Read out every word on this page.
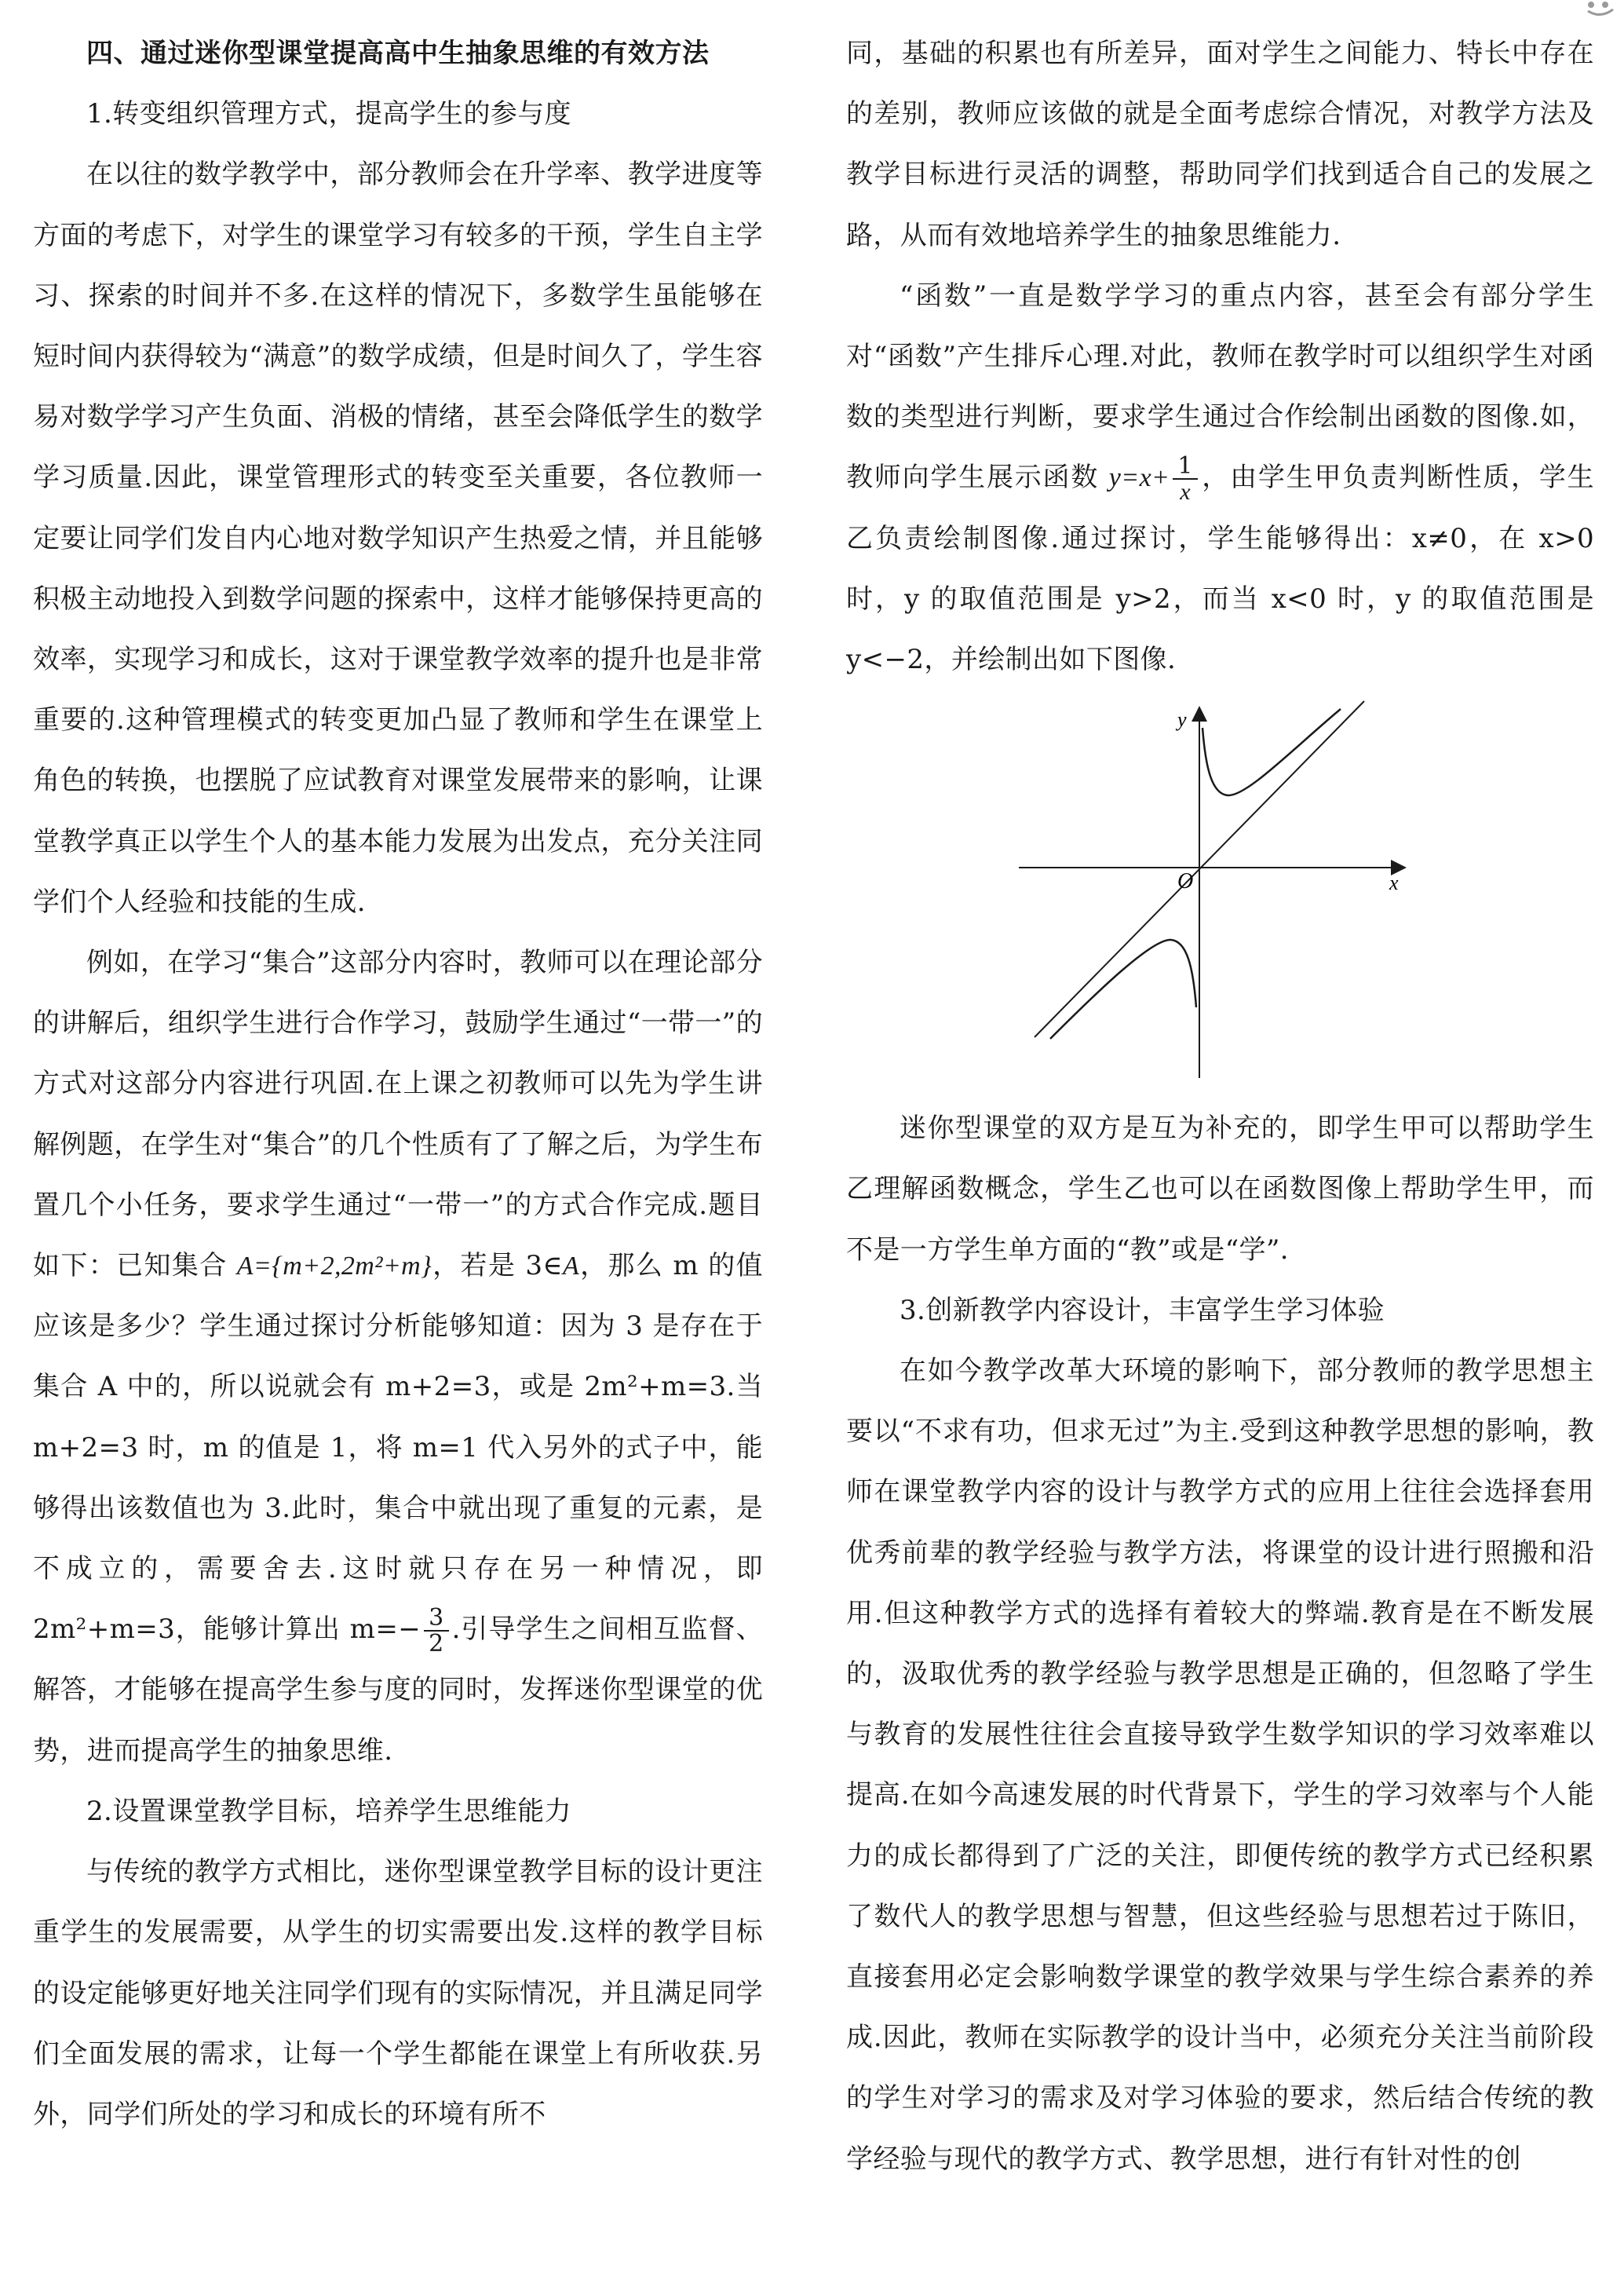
四、通过迷你型课堂提高高中生抽象思维的有效方法

1.转变组织管理方式，提高学生的参与度

在以往的数学教学中，部分教师会在升学率、教学进度等方面的考虑下，对学生的课堂学习有较多的干预，学生自主学习、探索的时间并不多.在这样的情况下，多数学生虽能够在短时间内获得较为“满意”的数学成绩，但是时间久了，学生容易对数学学习产生负面、消极的情绪，甚至会降低学生的数学学习质量.因此，课堂管理形式的转变至关重要，各位教师一定要让同学们发自内心地对数学知识产生热爱之情，并且能够积极主动地投入到数学问题的探索中，这样才能够保持更高的效率，实现学习和成长，这对于课堂教学效率的提升也是非常重要的.这种管理模式的转变更加凸显了教师和学生在课堂上角色的转换，也摆脱了应试教育对课堂发展带来的影响，让课堂教学真正以学生个人的基本能力发展为出发点，充分关注同学们个人经验和技能的生成.

例如，在学习“集合”这部分内容时，教师可以在理论部分的讲解后，组织学生进行合作学习，鼓励学生通过“一带一”的方式对这部分内容进行巩固.在上课之初教师可以先为学生讲解例题，在学生对“集合”的几个性质有了了解之后，为学生布置几个小任务，要求学生通过“一带一”的方式合作完成.题目如下：已知集合 A={m+2,2m²+m}，若是 3∈A，那么 m 的值应该是多少？学生通过探讨分析能够知道：因为 3 是存在于集合 A 中的，所以说就会有 m+2=3，或是 2m²+m=3.当 m+2=3 时，m 的值是 1，将 m=1 代入另外的式子中，能够得出该数值也为 3.此时，集合中就出现了重复的元素，是不成立的，需要舍去.这时就只存在另一种情况，即 2m²+m=3，能够计算出 $m=- \frac{3}{2}$ .引导学生之间相互监督、解答，才能够在提高学生参与度的同时，发挥迷你型课堂的优势，进而提高学生的抽象思维.

2.设置课堂教学目标，培养学生思维能力

与传统的教学方式相比，迷你型课堂教学目标的设计更注重学生的发展需要，从学生的切实需要出发.这样的教学目标的设定能够更好地关注同学们现有的实际情况，并且满足同学们全面发展的需求，让每一个学生都能在课堂上有所收获.另外，同学们所处的学习和成长的环境有所不

同，基础的积累也有所差异，面对学生之间能力、特长中存在的差别，教师应该做的就是全面考虑综合情况，对教学方法及教学目标进行灵活的调整，帮助同学们找到适合自己的发展之路，从而有效地培养学生的抽象思维能力.

“函数”一直是数学学习的重点内容，甚至会有部分学生对“函数”产生排斥心理.对此，教师在教学时可以组织学生对函数的类型进行判断，要求学生通过合作绘制出函数的图像.如，教师向学生展示函数 $y=x+ \frac{1}{x}$ ，由学生甲负责判断性质，学生乙负责绘制图像.通过探讨，学生能够得出：x≠0，在 x>0 时，y 的取值范围是 y>2，而当 x<0 时，y 的取值范围是 y<−2，并绘制出如下图像.

y
x
O

迷你型课堂的双方是互为补充的，即学生甲可以帮助学生乙理解函数概念，学生乙也可以在函数图像上帮助学生甲，而不是一方学生单方面的“教”或是“学”.

3.创新教学内容设计，丰富学生学习体验

在如今教学改革大环境的影响下，部分教师的教学思想主要以“不求有功，但求无过”为主.受到这种教学思想的影响，教师在课堂教学内容的设计与教学方式的应用上往往会选择套用优秀前辈的教学经验与教学方法，将课堂的设计进行照搬和沿用.但这种教学方式的选择有着较大的弊端.教育是在不断发展的，汲取优秀的教学经验与教学思想是正确的，但忽略了学生与教育的发展性往往会直接导致学生数学知识的学习效率难以提高.在如今高速发展的时代背景下，学生的学习效率与个人能力的成长都得到了广泛的关注，即便传统的教学方式已经积累了数代人的教学思想与智慧，但这些经验与思想若过于陈旧，直接套用必定会影响数学课堂的教学效果与学生综合素养的养成.因此，教师在实际教学的设计当中，必须充分关注当前阶段的学生对学习的需求及对学习体验的要求，然后结合传统的教学经验与现代的教学方式、教学思想，进行有针对性的创
